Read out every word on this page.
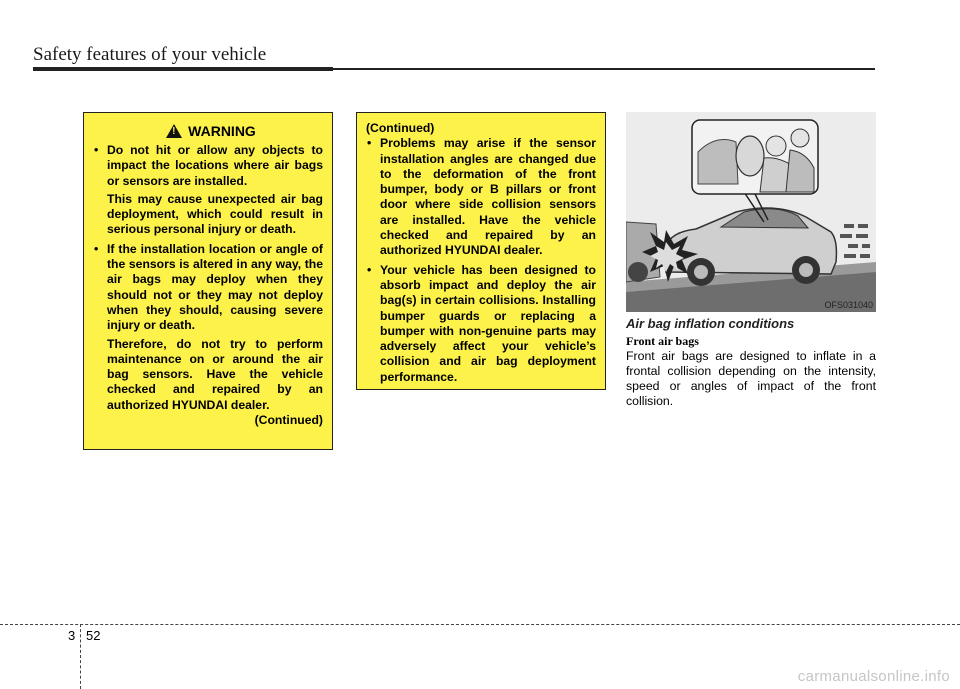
Safety features of your vehicle
! WARNING
• Do not hit or allow any objects to impact the locations where air bags or sensors are installed.
This may cause unexpected air bag deployment, which could result in serious personal injury or death.
• If the installation location or angle of the sensors is altered in any way, the air bags may deploy when they should not or they may not deploy when they should, causing severe injury or death.
Therefore, do not try to perform maintenance on or around the air bag sensors. Have the vehicle checked and repaired by an authorized HYUNDAI dealer.
(Continued)
(Continued)
• Problems may arise if the sensor installation angles are changed due to the deformation of the front bumper, body or B pillars or front door where side collision sensors are installed. Have the vehicle checked and repaired by an authorized HYUNDAI dealer.
• Your vehicle has been designed to absorb impact and deploy the air bag(s) in certain collisions. Installing bumper guards or replacing a bumper with non-genuine parts may adversely affect your vehicle’s collision and air bag deployment performance.
OFS031040
Air bag inflation conditions
Front air bags
Front air bags are designed to inflate in a frontal collision depending on the intensity, speed or angles of impact of the front collision.
3 52
carmanualsonline.info
